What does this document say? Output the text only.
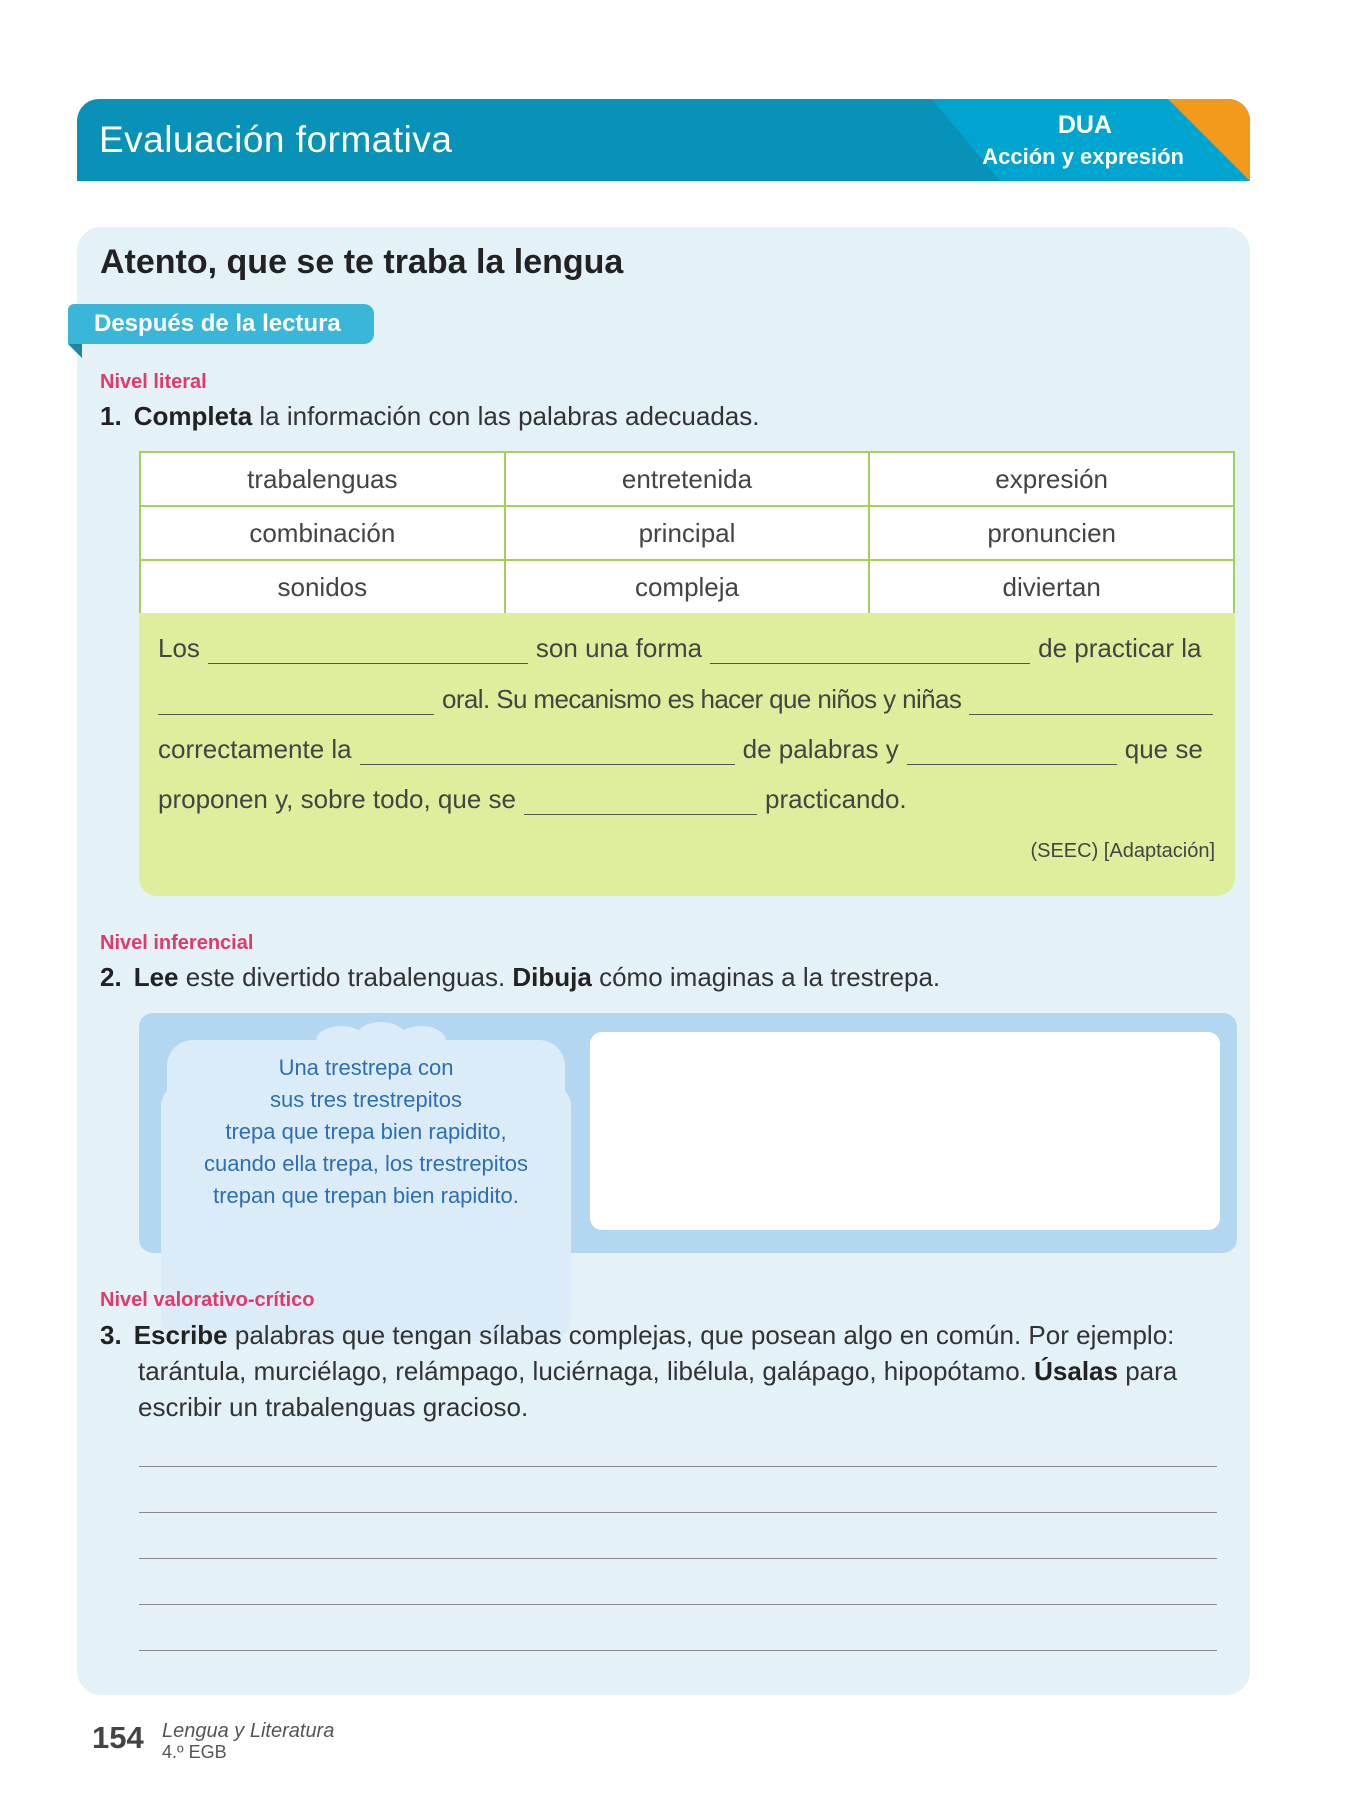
Evaluación formativa	DUA
Acción y expresión
Atento, que se te traba la lengua
Después de la lectura
Nivel literal
1. Completa la información con las palabras adecuadas.
trabalenguas	entretenida	expresión
combinación	principal	pronuncien
sonidos	compleja	diviertan
Los	son una forma	de practicar la
oral. Su mecanismo es hacer que niños y niñas
correctamente la	de palabras y	que se
proponen y, sobre todo, que se	practicando.
(SEEC) [Adaptación]
Nivel inferencial
2. Lee este divertido trabalenguas. Dibuja cómo imaginas a la trestrepa.
Una trestrepa con
sus tres trestrepitos
trepa que trepa bien rapidito,
cuando ella trepa, los trestrepitos
trepan que trepan bien rapidito.
Nivel valorativo-crítico
3. Escribe palabras que tengan sílabas complejas, que posean algo en común. Por ejemplo:
tarántula, murciélago, relámpago, luciérnaga, libélula, galápago, hipopótamo. Úsalas para
escribir un trabalenguas gracioso.
154 Lengua y Literatura
4.º EGB
